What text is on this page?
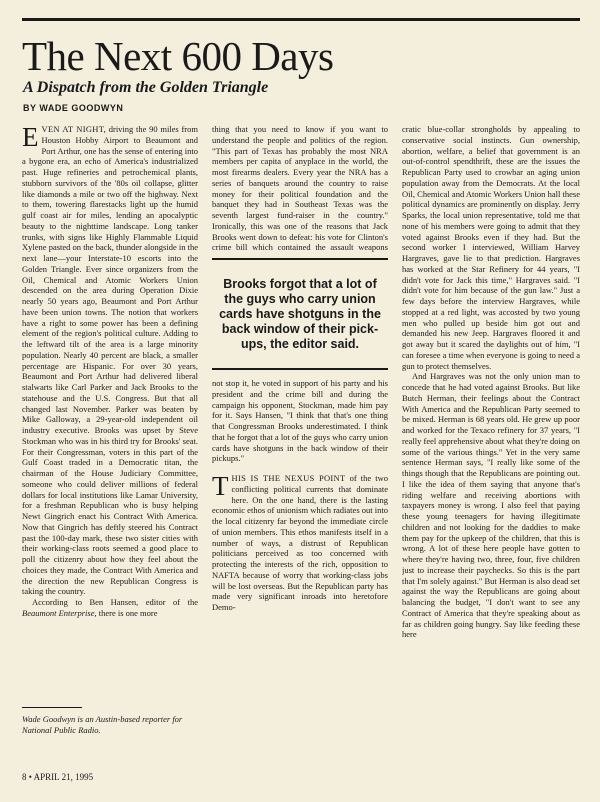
The Next 600 Days
A Dispatch from the Golden Triangle

BY WADE GOODWYN

EVEN AT NIGHT, driving the 90 miles from Houston Hobby Airport to Beaumont and Port Arthur, one has the sense of entering into a bygone era, an echo of America's industrialized past. Huge refineries and petrochemical plants, stubborn survivors of the '80s oil collapse, glitter like diamonds a mile or two off the highway. Next to them, towering flarestacks light up the humid gulf coast air for miles, lending an apocalyptic beauty to the nighttime landscape. Long tanker trunks, with signs like Highly Flammable Liquid Xylene pasted on the back, thunder alongside in the next lane—your Interstate-10 escorts into the Golden Triangle. Ever since organizers from the Oil, Chemical and Atomic Workers Union descended on the area during Operation Dixie nearly 50 years ago, Beaumont and Port Arthur have been union towns. The notion that workers have a right to some power has been a defining element of the region's political culture. Adding to the leftward tilt of the area is a large minority population. Nearly 40 percent are black, a smaller percentage are Hispanic. For over 30 years, Beaumont and Port Arthur had delivered liberal stalwarts like Carl Parker and Jack Brooks to the statehouse and the U.S. Congress. But that all changed last November. Parker was beaten by Mike Galloway, a 29-year-old independent oil industry executive. Brooks was upset by Steve Stockman who was in his third try for Brooks' seat. For their Congressman, voters in this part of the Gulf Coast traded in a Democratic titan, the chairman of the House Judiciary Committee, someone who could deliver millions of federal dollars for local institutions like Lamar University, for a freshman Republican who is busy helping Newt Gingrich enact his Contract With America. Now that Gingrich has deftly steered his Contract past the 100-day mark, these two sister cities with their working-class roots seemed a good place to poll the citizenry about how they feel about the choices they made, the Contract With America and the direction the new Republican Congress is taking the country.

According to Ben Hansen, editor of the Beaumont Enterprise, there is one more

thing that you need to know if you want to understand the people and politics of the region. "This part of Texas has probably the most NRA members per capita of anyplace in the world, the most firearms dealers. Every year the NRA has a series of banquets around the country to raise money for their political foundation and the banquet they had in Southeast Texas was the seventh largest fund-raiser in the country." Ironically, this was one of the reasons that Jack Brooks went down to defeat: his vote for Clinton's crime bill which contained the assault weapons

Brooks forgot that a lot of the guys who carry union cards have shotguns in the back window of their pick-ups, the editor said.

not stop it, he voted in support of his party and his president and the crime bill and during the campaign his opponent, Stockman, made him pay for it. Says Hansen, "I think that that's one thing that Congressman Brooks underestimated. I think that he forgot that a lot of the guys who carry union cards have shotguns in the back window of their pickups."

THIS IS THE NEXUS POINT of the two conflicting political currents that dominate here. On the one hand, there is the lasting economic ethos of unionism which radiates out into the local citizenry far beyond the immediate circle of union members. This ethos manifests itself in a number of ways, a distrust of Republican politicians perceived as too concerned with protecting the interests of the rich, opposition to NAFTA because of worry that working-class jobs will be lost overseas. But the Republican party has made very significant inroads into heretofore Demo-

cratic blue-collar strongholds by appealing to conservative social instincts. Gun ownership, abortion, welfare, a belief that government is an out-of-control spendthrift, these are the issues the Republican Party used to crowbar an aging union population away from the Democrats. At the local Oil, Chemical and Atomic Workers Union hall these political dynamics are prominently on display. Jerry Sparks, the local union representative, told me that none of his members were going to admit that they voted against Brooks even if they had. But the second worker I interviewed, William Harvey Hargraves, gave lie to that prediction. Hargraves has worked at the Star Refinery for 44 years, "I didn't vote for Jack this time," Hargraves said. "I didn't vote for him because of the gun law." Just a few days before the interview Hargraves, while stopped at a red light, was accosted by two young men who pulled up beside him got out and demanded his new Jeep. Hargraves floored it and got away but it scared the daylights out of him, "I can foresee a time when everyone is going to need a gun to protect themselves.

And Hargraves was not the only union man to concede that he had voted against Brooks. But like Butch Herman, their feelings about the Contract With America and the Republican Party seemed to be mixed. Herman is 68 years old. He grew up poor and worked for the Texaco refinery for 37 years, "I really feel apprehensive about what they're doing on some of the various things." Yet in the very same sentence Herman says, "I really like some of the things though that the Republicans are pointing out. I like the idea of them saying that anyone that's riding welfare and receiving abortions with taxpayers money is wrong. I also feel that paying these young teenagers for having illegitimate children and not looking for the daddies to make them pay for the upkeep of the children, that this is wrong. A lot of these here people have gotten to where they're having two, three, four, five children just to increase their paychecks. So this is the part that I'm solely against." But Herman is also dead set against the way the Republicans are going about balancing the budget, "I don't want to see any Contract of America that they're speaking about as far as children going hungry. Say like feeding these here

Wade Goodwyn is an Austin-based reporter for National Public Radio.

8 • APRIL 21, 1995
